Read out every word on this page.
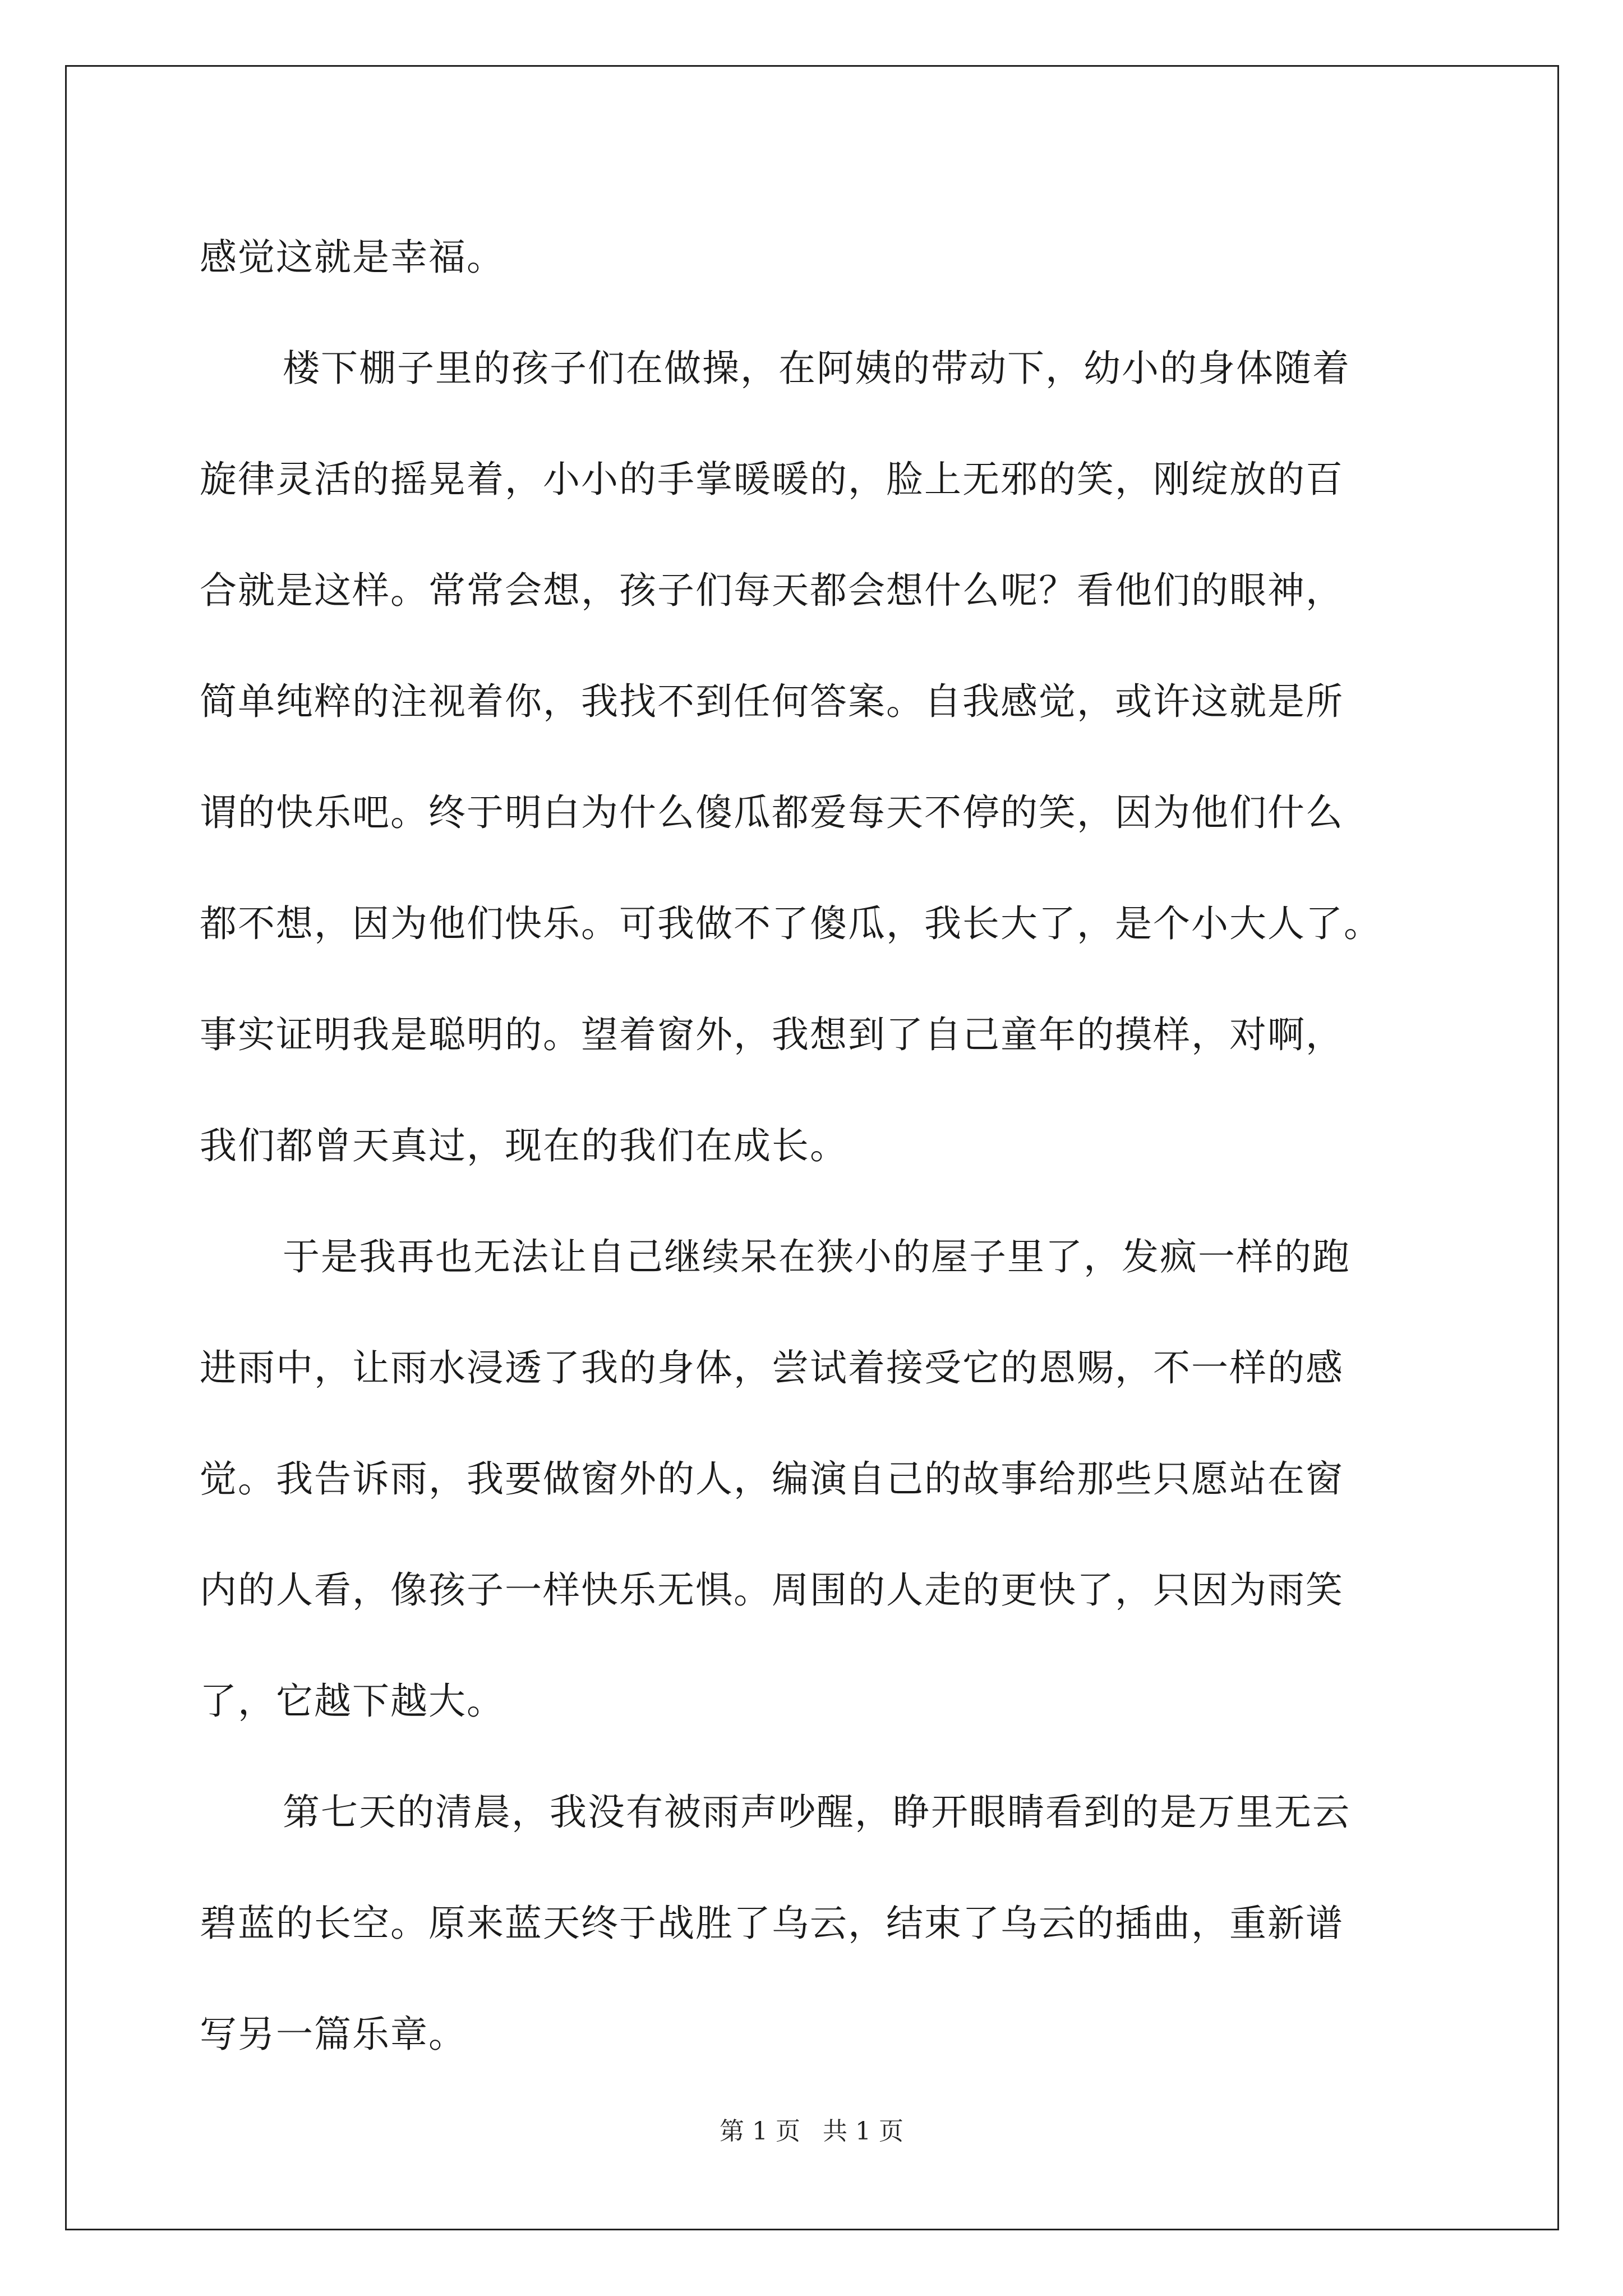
感觉这就是幸福。
楼下棚子里的孩子们在做操，在阿姨的带动下，幼小的身体随着
旋律灵活的摇晃着，小小的手掌暖暖的，脸上无邪的笑，刚绽放的百
合就是这样。常常会想，孩子们每天都会想什么呢？看他们的眼神，
简单纯粹的注视着你，我找不到任何答案。自我感觉，或许这就是所
谓的快乐吧。终于明白为什么傻瓜都爱每天不停的笑，因为他们什么
都不想，因为他们快乐。可我做不了傻瓜，我长大了，是个小大人了。
事实证明我是聪明的。望着窗外，我想到了自己童年的摸样，对啊，
我们都曾天真过，现在的我们在成长。
于是我再也无法让自己继续呆在狭小的屋子里了，发疯一样的跑
进雨中，让雨水浸透了我的身体，尝试着接受它的恩赐，不一样的感
觉。我告诉雨，我要做窗外的人，编演自己的故事给那些只愿站在窗
内的人看，像孩子一样快乐无惧。周围的人走的更快了，只因为雨笑
了，它越下越大。
第七天的清晨，我没有被雨声吵醒，睁开眼睛看到的是万里无云
碧蓝的长空。原来蓝天终于战胜了乌云，结束了乌云的插曲，重新谱
写另一篇乐章。
第 1 页 共 1 页
